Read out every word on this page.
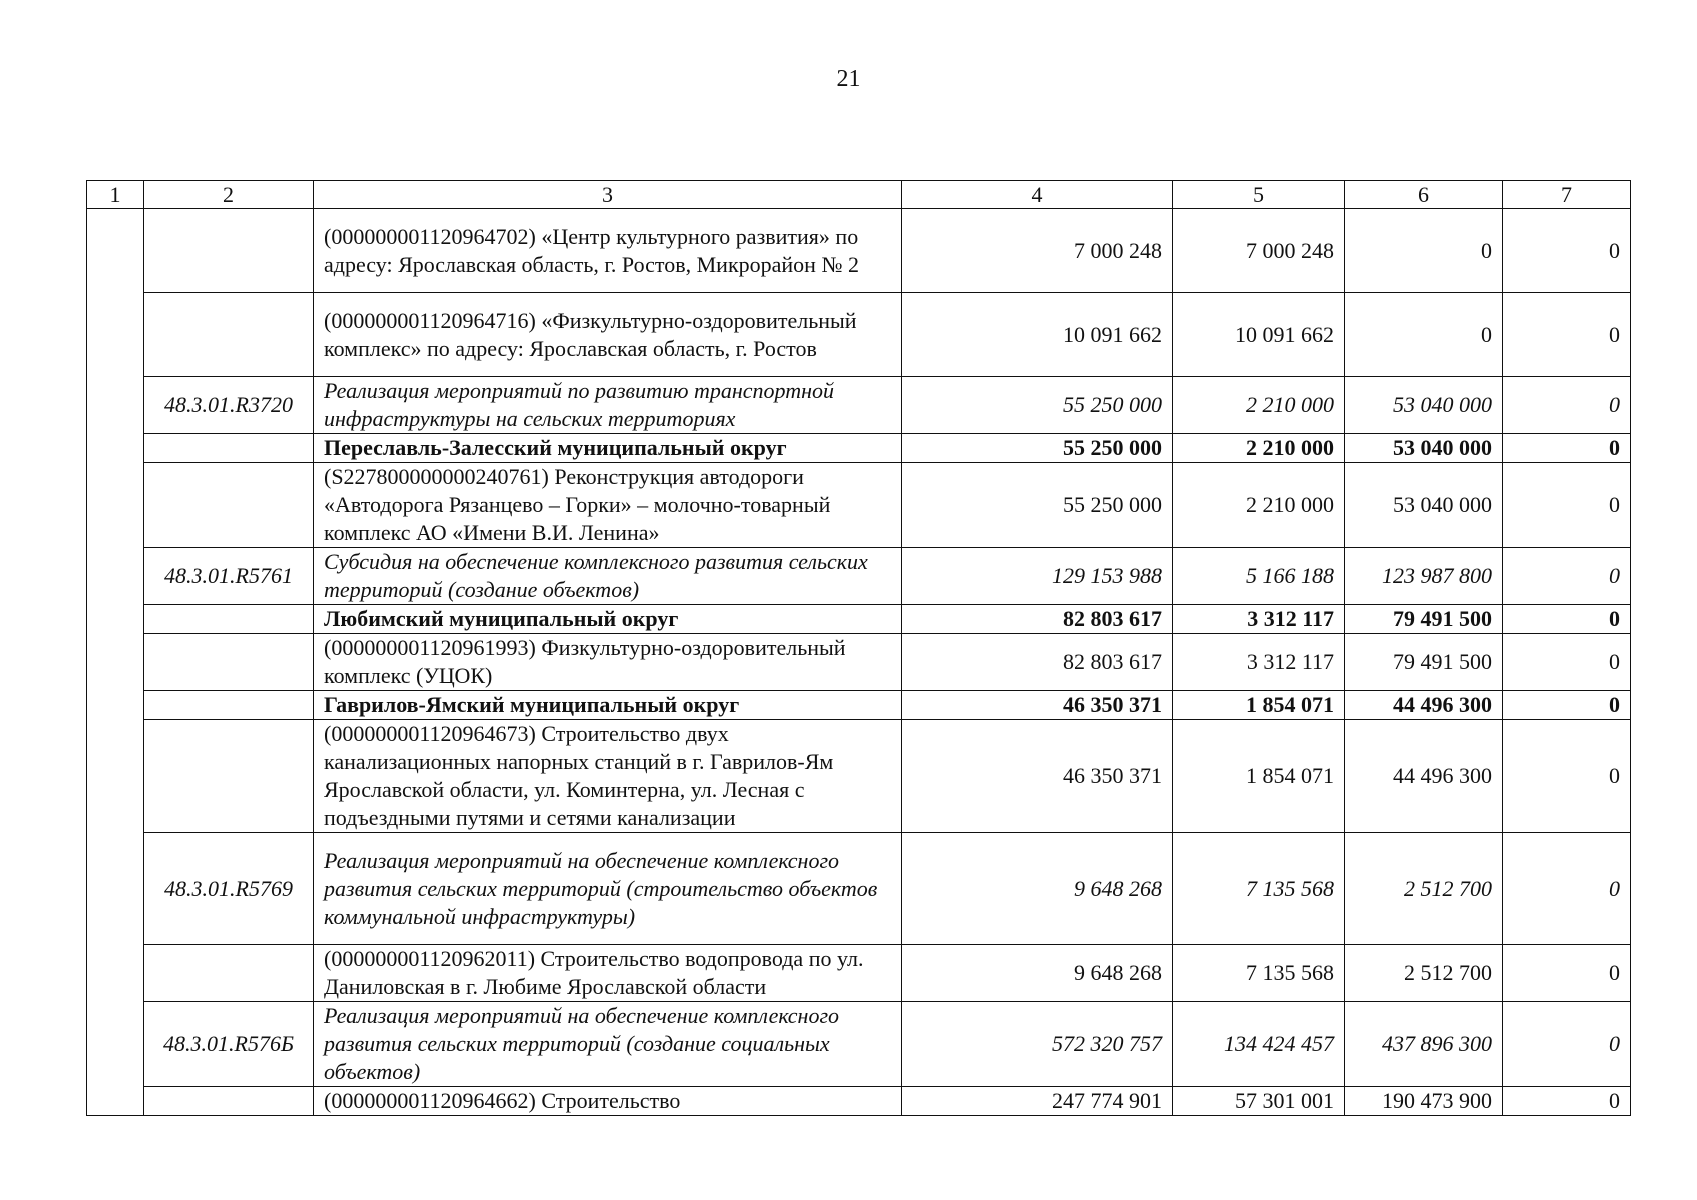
21
1	2	3	4	5	6	7
		(000000001120964702) «Центр культурного развития» по адресу: Ярославская область, г. Ростов, Микрорайон № 2	7 000 248	7 000 248	0	0
		(000000001120964716) «Физкультурно-оздоровительный комплекс» по адресу: Ярославская область, г. Ростов	10 091 662	10 091 662	0	0
	48.3.01.R3720	Реализация мероприятий по развитию транспортной инфраструктуры на сельских территориях	55 250 000	2 210 000	53 040 000	0
		Переславль-Залесский муниципальный округ	55 250 000	2 210 000	53 040 000	0
		(S227800000000240761) Реконструкция автодороги «Автодорога Рязанцево – Горки» – молочно-товарный комплекс АО «Имени В.И. Ленина»	55 250 000	2 210 000	53 040 000	0
	48.3.01.R5761	Субсидия на обеспечение комплексного развития сельских территорий (создание объектов)	129 153 988	5 166 188	123 987 800	0
		Любимский муниципальный округ	82 803 617	3 312 117	79 491 500	0
		(000000001120961993) Физкультурно-оздоровительный комплекс (УЦОК)	82 803 617	3 312 117	79 491 500	0
		Гаврилов-Ямский муниципальный округ	46 350 371	1 854 071	44 496 300	0
		(000000001120964673) Строительство двух канализационных напорных станций в г. Гаврилов-Ям Ярославской области, ул. Коминтерна, ул. Лесная с подъездными путями и сетями канализации	46 350 371	1 854 071	44 496 300	0
	48.3.01.R5769	Реализация мероприятий на обеспечение комплексного развития сельских территорий (строительство объектов коммунальной инфраструктуры)	9 648 268	7 135 568	2 512 700	0
		(000000001120962011) Строительство водопровода по ул. Даниловская в г. Любиме Ярославской области	9 648 268	7 135 568	2 512 700	0
	48.3.01.R576Б	Реализация мероприятий на обеспечение комплексного развития сельских территорий (создание социальных объектов)	572 320 757	134 424 457	437 896 300	0
		(000000001120964662) Строительство	247 774 901	57 301 001	190 473 900	0
